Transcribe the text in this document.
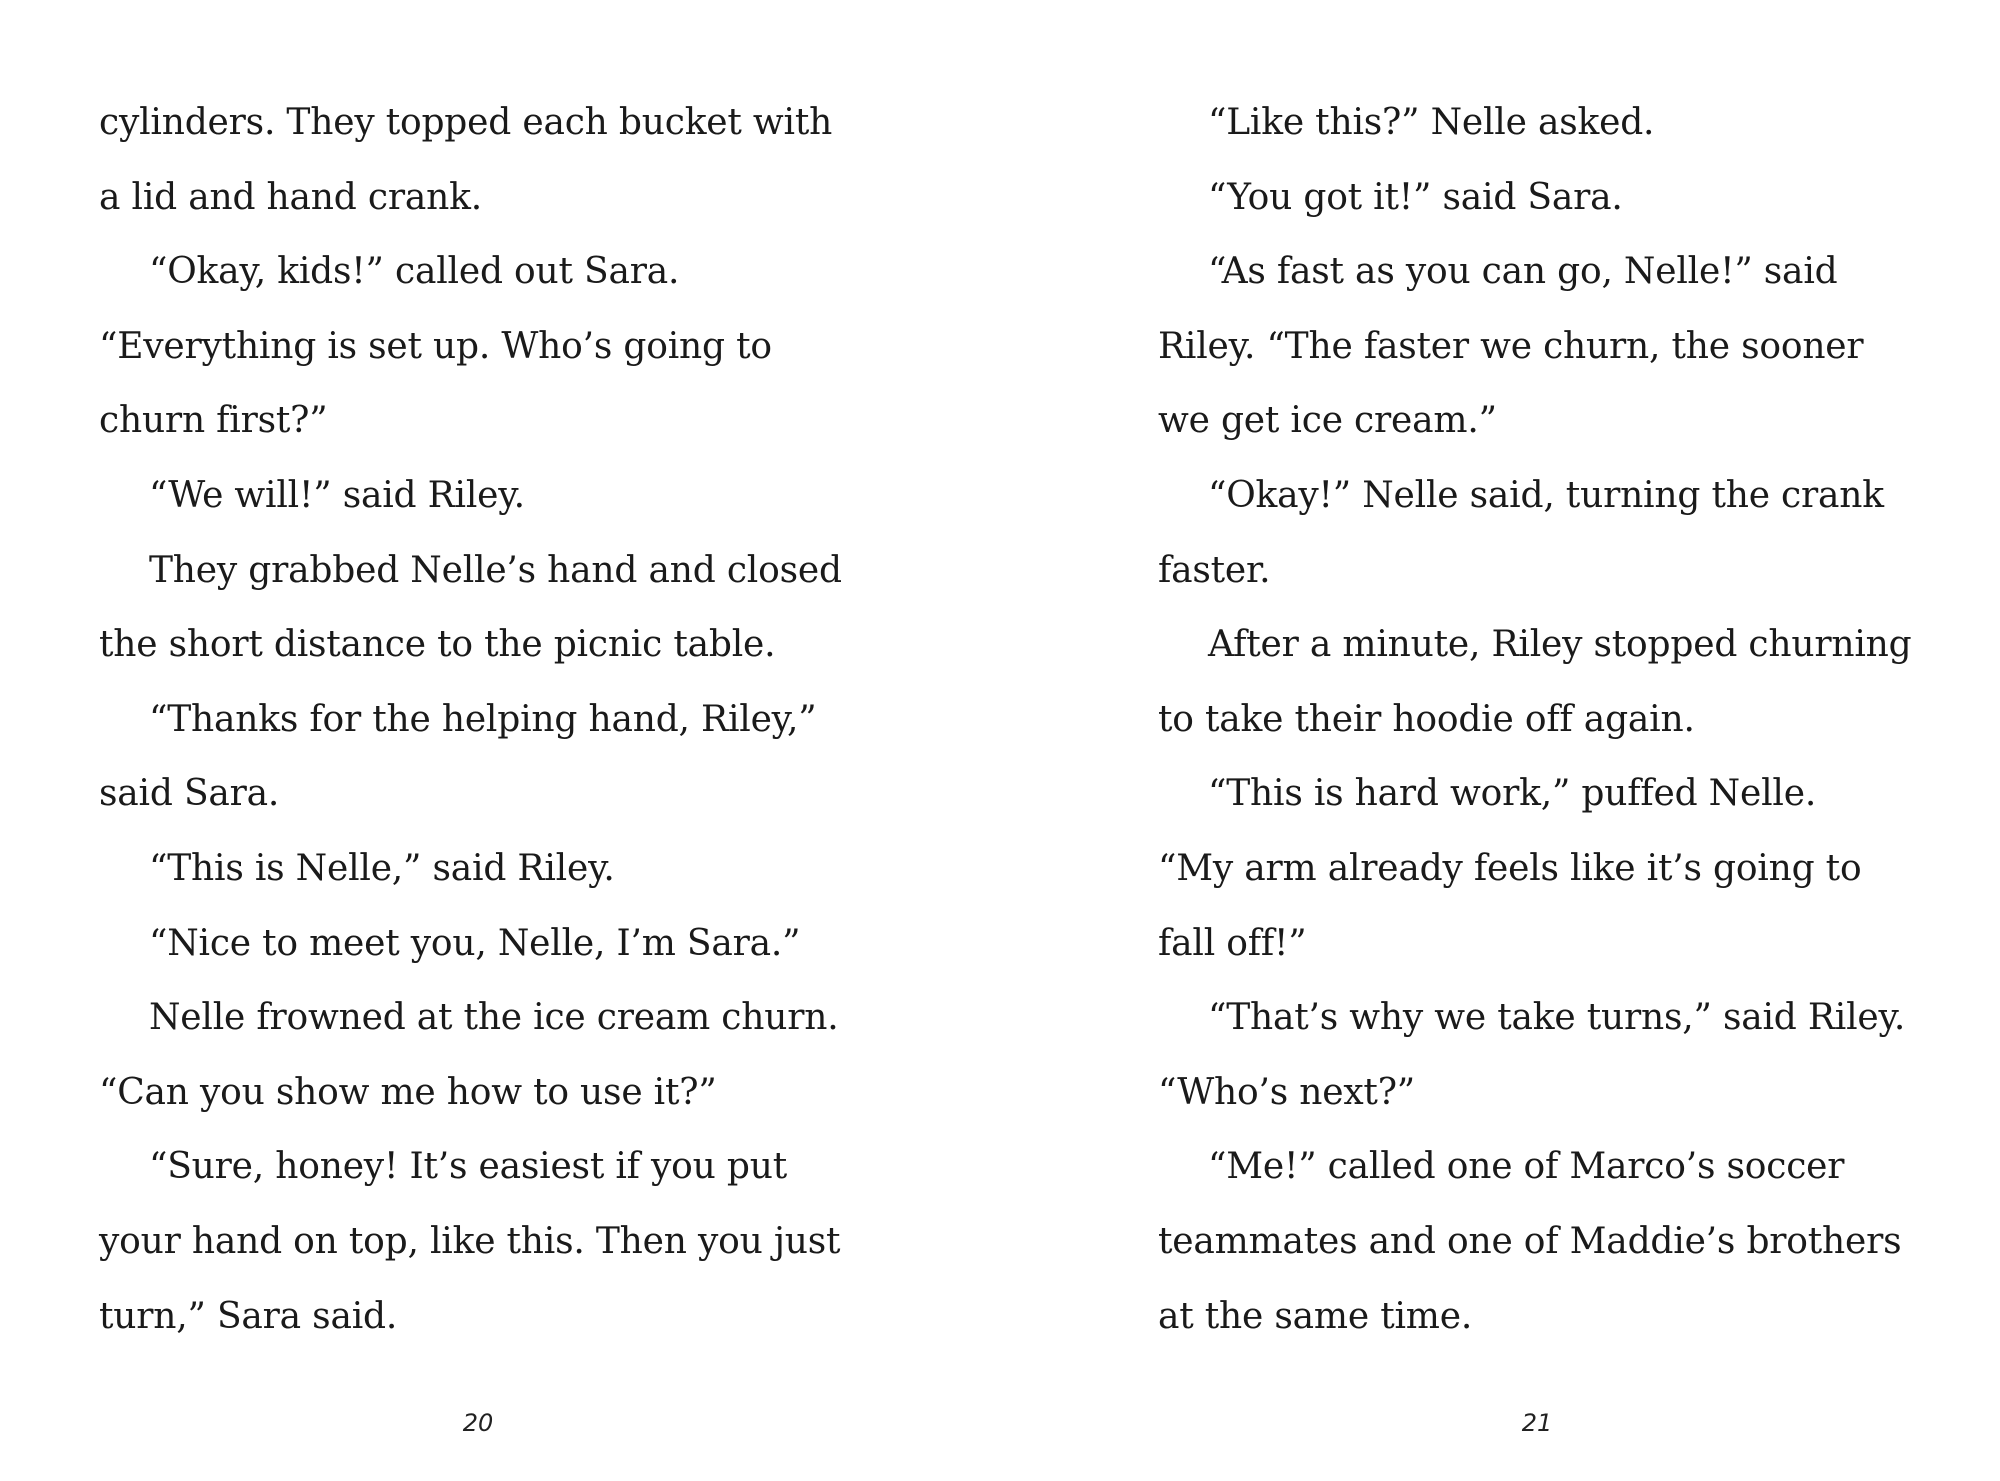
cylinders. They topped each bucket with
a lid and hand crank.
“Okay, kids!” called out Sara.
“Everything is set up. Who’s going to
churn first?”
“We will!” said Riley.
They grabbed Nelle’s hand and closed
the short distance to the picnic table.
“Thanks for the helping hand, Riley,”
said Sara.
“This is Nelle,” said Riley.
“Nice to meet you, Nelle, I’m Sara.”
Nelle frowned at the ice cream churn.
“Can you show me how to use it?”
“Sure, honey! It’s easiest if you put
your hand on top, like this. Then you just
turn,” Sara said.
20
“Like this?” Nelle asked.
“You got it!” said Sara.
“As fast as you can go, Nelle!” said
Riley. “The faster we churn, the sooner
we get ice cream.”
“Okay!” Nelle said, turning the crank
faster.
After a minute, Riley stopped churning
to take their hoodie off again.
“This is hard work,” puffed Nelle.
“My arm already feels like it’s going to
fall off!”
“That’s why we take turns,” said Riley.
“Who’s next?”
“Me!” called one of Marco’s soccer
teammates and one of Maddie’s brothers
at the same time.
21
